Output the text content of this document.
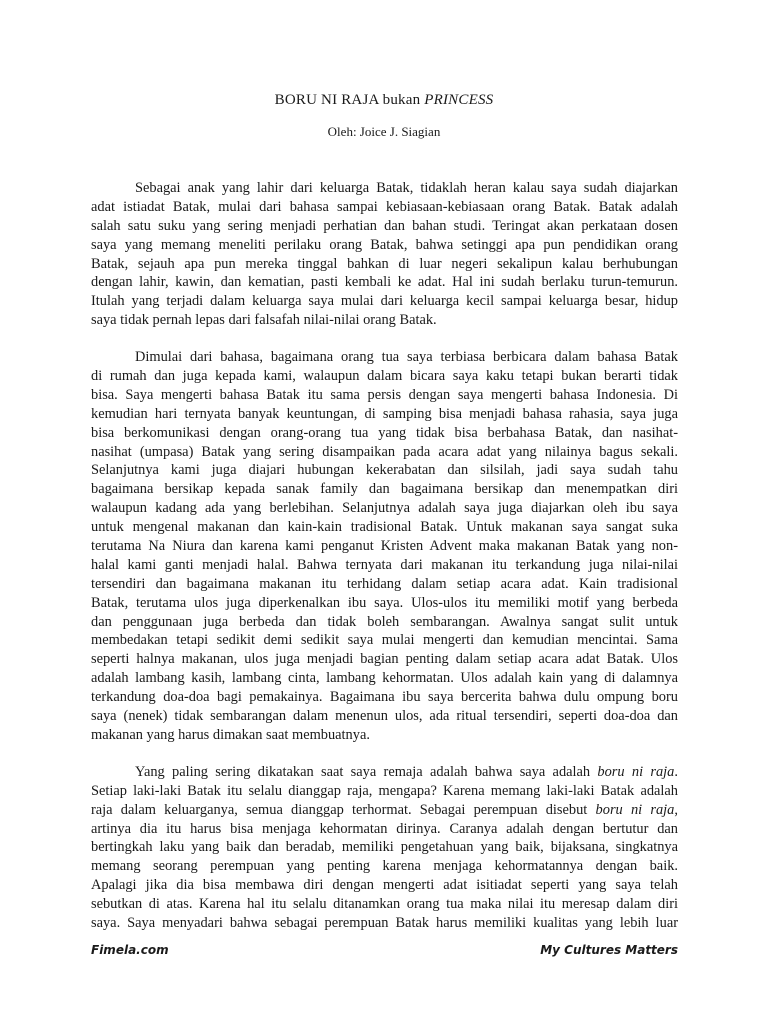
BORU NI RAJA bukan PRINCESS
Oleh: Joice J. Siagian
Sebagai anak yang lahir dari keluarga Batak, tidaklah heran kalau saya sudah diajarkan
adat istiadat Batak, mulai dari bahasa sampai kebiasaan-kebiasaan orang Batak. Batak adalah
salah satu suku yang sering menjadi perhatian dan bahan studi. Teringat akan perkataan dosen
saya yang memang meneliti perilaku orang Batak, bahwa setinggi apa pun pendidikan orang
Batak, sejauh apa pun mereka tinggal bahkan di luar negeri sekalipun kalau berhubungan
dengan lahir, kawin, dan kematian, pasti kembali ke adat. Hal ini sudah berlaku turun-temurun.
Itulah yang terjadi dalam keluarga saya mulai dari keluarga kecil sampai keluarga besar, hidup
saya tidak pernah lepas dari falsafah nilai-nilai orang Batak.
Dimulai dari bahasa, bagaimana orang tua saya terbiasa berbicara dalam bahasa Batak
di rumah dan juga kepada kami, walaupun dalam bicara saya kaku tetapi bukan berarti tidak
bisa. Saya mengerti bahasa Batak itu sama persis dengan saya mengerti bahasa Indonesia. Di
kemudian hari ternyata banyak keuntungan, di samping bisa menjadi bahasa rahasia, saya juga
bisa berkomunikasi dengan orang-orang tua yang tidak bisa berbahasa Batak, dan nasihat-
nasihat (umpasa) Batak yang sering disampaikan pada acara adat yang nilainya bagus sekali.
Selanjutnya kami juga diajari hubungan kekerabatan dan silsilah, jadi saya sudah tahu
bagaimana bersikap kepada sanak family dan bagaimana bersikap dan menempatkan diri
walaupun kadang ada yang berlebihan. Selanjutnya adalah saya juga diajarkan oleh ibu saya
untuk mengenal makanan dan kain-kain tradisional Batak. Untuk makanan saya sangat suka
terutama Na Niura dan karena kami penganut Kristen Advent maka makanan Batak yang non-
halal kami ganti menjadi halal. Bahwa ternyata dari makanan itu terkandung juga nilai-nilai
tersendiri dan bagaimana makanan itu terhidang dalam setiap acara adat. Kain tradisional
Batak, terutama ulos juga diperkenalkan ibu saya. Ulos-ulos itu memiliki motif yang berbeda
dan penggunaan juga berbeda dan tidak boleh sembarangan. Awalnya sangat sulit untuk
membedakan tetapi sedikit demi sedikit saya mulai mengerti dan kemudian mencintai. Sama
seperti halnya makanan, ulos juga menjadi bagian penting dalam setiap acara adat Batak. Ulos
adalah lambang kasih, lambang cinta, lambang kehormatan. Ulos adalah kain yang di dalamnya
terkandung doa-doa bagi pemakainya. Bagaimana ibu saya bercerita bahwa dulu ompung boru
saya (nenek) tidak sembarangan dalam menenun ulos, ada ritual tersendiri, seperti doa-doa dan
makanan yang harus dimakan saat membuatnya.
Yang paling sering dikatakan saat saya remaja adalah bahwa saya adalah boru ni raja.
Setiap laki-laki Batak itu selalu dianggap raja, mengapa? Karena memang laki-laki Batak adalah
raja dalam keluarganya, semua dianggap terhormat. Sebagai perempuan disebut boru ni raja,
artinya dia itu harus bisa menjaga kehormatan dirinya. Caranya adalah dengan bertutur dan
bertingkah laku yang baik dan beradab, memiliki pengetahuan yang baik, bijaksana, singkatnya
memang seorang perempuan yang penting karena menjaga kehormatannya dengan baik.
Apalagi jika dia bisa membawa diri dengan mengerti adat isitiadat seperti yang saya telah
sebutkan di atas. Karena hal itu selalu ditanamkan orang tua maka nilai itu meresap dalam diri
saya. Saya menyadari bahwa sebagai perempuan Batak harus memiliki kualitas yang lebih luar
Fimela.com	My Cultures Matters
